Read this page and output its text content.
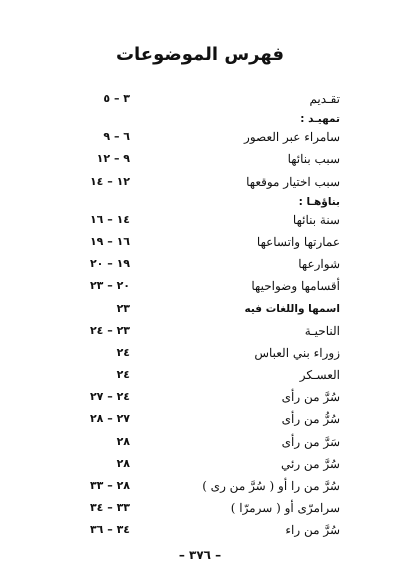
فهرس الموضوعات
تقـديم
٣ – ٥
تمهيـد :
سامراء عبر العصور
٦ – ٩
سبب بنائها
٩ – ١٢
سبب اختيار موقعها
١٢ – ١٤
بناؤهـا :
سنة بنائها
١٤ – ١٦
عمارتها واتساعها
١٦ – ١٩
شوارعها
١٩ – ٢٠
أقسامها وضواحيها
٢٠ – ٢٣
اسمها واللغات فيه
٢٣
الناحيـة
٢٣ – ٢٤
زوراء بني العباس
٢٤
العسـكر
٢٤
سُرَّ من رأى
٢٤ – ٢٧
سُرُّ من رأى
٢٧ – ٢٨
سَرَّ من رأى
٢٨
سُرَّ من رئي
٢٨
سُرَّ من را أو ( سُرَّ من ری )
٢٨ – ٣٣
سرامرّی أو ( سرمرّا )
٣٣ – ٣٤
سُرَّ من راء
٣٤ – ٣٦
– ٣٧٦ –
